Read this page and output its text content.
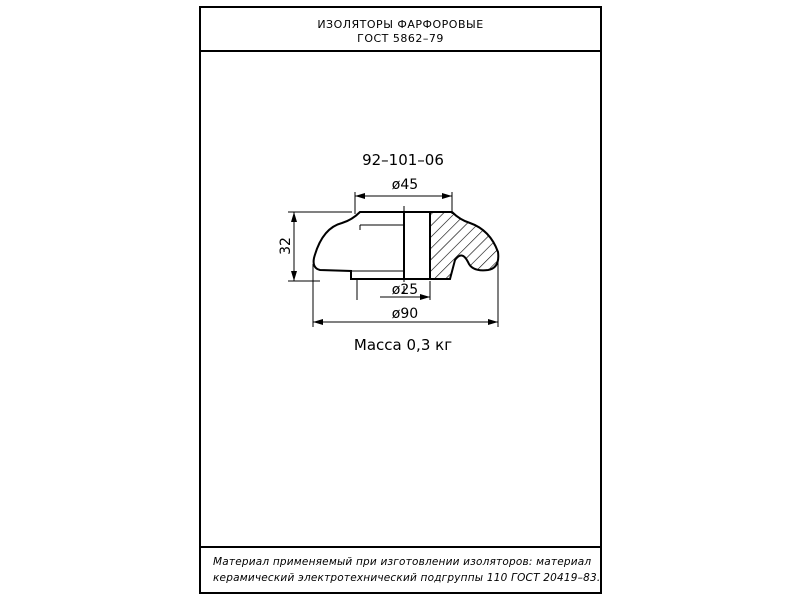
ИЗОЛЯТОРЫ ФАРФОРОВЫЕ
ГОСТ 5862–79
Материал применяемый при изготовлении изоляторов: материал
керамический электротехнический подгруппы 110 ГОСТ 20419–83.
92–101–06
ø45
32
ø25
ø90
Масса 0,3 кг
